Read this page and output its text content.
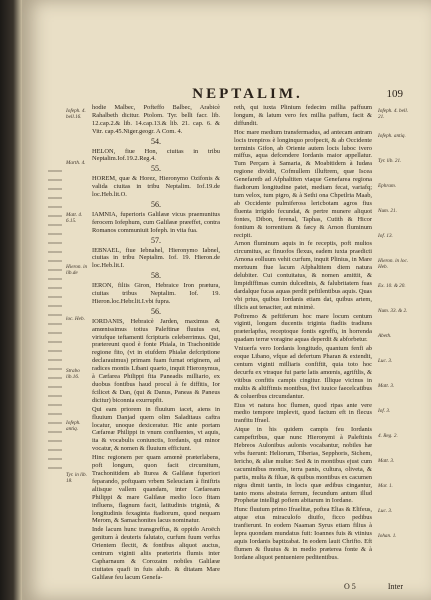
NEPTALIM.	109
Iofeph. 4. bell.16.
Marth. 4.
Matt. 4. 6.15.
Hieron. in lib.de
loc. Heb.
Strabo lib.16.
Iofeph. antiq.
Tyr. in lib. 18.

hodie Malbec, Pofteffo Balbec, Arabicè Rahalbeth dicitur. Ptolom. Tyr. belli facr. lib. 12.cap.2.& lib. 14.cap.13.& lib. 21. cap. 6. & Vitr. cap.45.Niger.geogr. A Com. 4.

54.

HELON, fiue Hon, ciuitas in tribu Neptalim.Iof.19.2.Reg.4.

55.

HOREM, quæ & Horez, Hieronymo Ozifonis & valida ciuitas in tribu Neptalim. Iof.19.de loc.Heb.lit.O.

56.

IAMNIA, fuperioris Galilææ vicus praemunitus ferocem Iofephum, cum Galilææ præeffet, contra Romanos communiuit Iofeph. in vita fua.

57.

IEBNAEL, fiue Iebnahel, Hieronymo Iabnel, ciuitas in tribu Neptalim. Iof. 19. Hieron.de loc.Heb.lit.I.

58.

IERON, filiis Giron, Hebraice Iron prætura, ciuitas tribus Neptalim. Iof. 19. Hieron.loc.Hebr.lit.I.vbi fupra.

56.

IORDANIS, Hebraicè Jarden, maximus & amœnissimus totius Paleftinæ fluuius est, viriufque teftamenti fcripturis celeberrimus. Qui, prætereunt quod è fonte Phiala, in Trachonitide regione fito, (vt in eiufdem Phialæ defcriptione declarauimus) primam fuam furnat originem, ad radices montis Libani quarto, inquit Hieronymus, à Cæfarea Philippi fita Paneadis milliario, ex duobus fontibus haud procul à fe diffitis, Ior fcilicet & Dan, (qui & Danus, Paneas & Paneus dicitur) biconnia exurrupfit.

Qui eam priorem in fluuium iacet, aiens in fluuium Danjad quem olim Saladitaus caftra locatur, unoque dexiceratur. Hic ante portam Cæfareæ Philippi in vnum confluentes, vt aquis, ita & vocabulis coniunctis, Iordanis, qui minor vocatur, & nomen & fluuium efficiunt.

Hinc regionem per quam amœnè præterlabens, poft longum, quon facit circumitum, Trachonitidem ab Iturea & Galilææ fuperiori feparando, poftquam vrbem Seleuciam à finiftris aliisque vallem quandam, inter Cæfaream Philippi & mare Galilææ medio loco fitam influens, flagnum facit, latitudinis trigintà, & longitudinis fexaginta ftadiorum, quod nequam Merom, & Samachonites lacus nominatur.

Inde lacum hunc transgreffus, & oppido Aroëch genitum à deuteris falutato, curfum fuum verfus Orientem flectit, & fontibus aliquot auctus, centrum viginti aliis præteriris flumis inter Capharnaum & Corozaim nobiles Galilææ ciuitates quafi in fuis aluib. & ditatam Mare Galilææ feu lacum Genefa-

reth, qui iuxta Plinium fedecim millia paffuum longum, & latum vero fex millia paffum, facit & diffundit.

Hoc mare medium transfermadus, ad antecam antram locis trenpiros è longinquo profpecit, & ab Occidente terminis Gifon, ab Oriente autem locis luboc ivero miffus, aqua defcendere Iordanis maior appellatur. Tum Perçam à Samaria, & Moabitidem à Iudæa regione dividit, Cofmullem illuftrem, quæ Iscea Genefaretb ad Afphaltiten viaque Genefarea regiona fiadiorum longitudine patet, mediam fecat, variafq; tum velox, tum pigro, & à Sethi ona Chpetlria Maab, ab Occidente pulmifeross lericbotam agros fius fluenta irrigido fecundat, & pertre munere aliquot fontes, Dibon, ferenal, Taphas, Cutith & Hicor fontium & torrentium & fæcy & Arnon fluminum recipit.

Arnon fluminum aquis in fe receptis, poft multos circumitus, ac finuofos flexus, eadem iuxta praedicti Arnona eolluum vehit curfum, inquit Plinius, in Mare mortuum fiue lacum Afphaltitem diem natura delubiter. Cui contuitatus, & nomen amittit, & limpidiffimas cumin dulcedinis, & falubritatem fuas dardalque fucas aquas perdit peftilentibus aquis. Quas vbi prius, quibus Iordanis etiam dat, quibus artem, illicis aut tenaciter, aut minimè.

Poftremo & peftiferum hoc mare locum centum viginti, longum ducentis triginta ftadiis tradiuns præterlapfus, receptoque fontis egreffu, in horrenda quadam terræ voragine aquas deperdit & abforbetur.

Vniuerfa vero Iordanis longitudo, quantum fenfi ab eoque Libano, vfque ad defertum Pharan & extendit, centum viginti milliaris confiftit, quia toto hoc decurfu ex vtraque fui parte latis amœnis, agriftlis, & vitibus confitis campis cingitur. Illique vicinus in multis & altiffimis montibus, fivi iuuice faecelcatibus & colueribus circumdantur.

Eius vt natura hoc flumen, quod ripas ante vere medio tempore implevit, quod factum eft in flecus tranfitu Ifrael.

Atque in his quidem campis feu Iordanis campeftribus, quæ nunc Hieronymi à Paleftinis Hebreos Aulonibus aulonis vocabantur, nobiles hæ vrbs fuerunt: Heliorum, Tiberias, Sepphoris, Sichem, Iericho, & aliæ multæ: Sed & in montibus ejust cum cacuminibus montis, terra panis, cultura, oliveta, & partis, multa & filuæ, & quibus montibus ex cacumen nigra dimit tantis, in locis quæ ædibus cingantur, tanto mons abstrata ferrum, fecundum antum illud Prophetæ intelligi pofiem abitarum in Iordane.

Hunc fluuium primo Ifraelitæ, poftea Elias & Elifeus, atque eius miraculofo diuifo, ficco pedibus tranfierunt. In eodem Naaman Syrus etiam filius à lepra quondam mundatus fuit: Ioannes fuis & vtinius aquis Iordanis baptizabat. In eodem lauit Chrifto. Eft flumen & fluuius & in medio præterea fonte & à Iordane aliquot pentueniere peditentibus.

Iofeph. 4. bell. 21.
Iofeph. antiq.
Tyr. lib. 21.
Ephram.
Num. 21.
Iof. 13.
Hieron. in loc. Heb.
Ex. 10. & 20.
Num. 33. & 2.
Abeth.
Luc. 3.
Matt. 3.
Iof. 3.
4. Reg. 2.
Matt. 3.
Mar. 1.
Luc. 3.
Iohan. 1.
O 5	Inter
